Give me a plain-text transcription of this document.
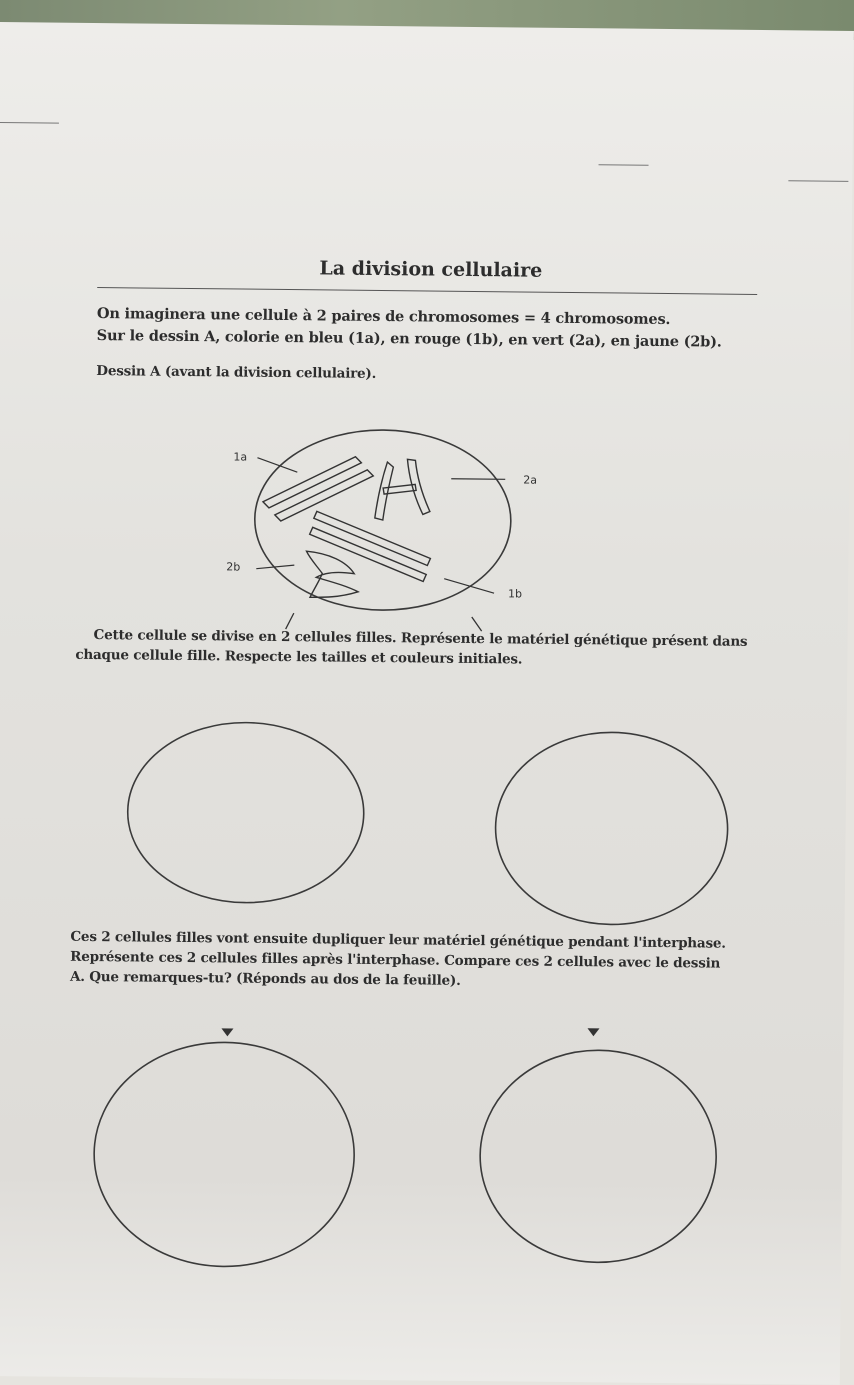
La division cellulaire
On imaginera une cellule à 2 paires de chromosomes = 4 chromosomes.
Sur le dessin A, colorie en bleu (1a), en rouge (1b), en vert (2a), en jaune (2b).
Dessin A (avant la division cellulaire).
1a
2a
2b
1b
Cette cellule se divise en 2 cellules filles. Représente le matériel génétique présent dans
chaque cellule fille. Respecte les tailles et couleurs initiales.
Ces 2 cellules filles vont ensuite dupliquer leur matériel génétique pendant l'interphase.
Représente ces 2 cellules filles après l'interphase. Compare ces 2 cellules avec le dessin
A. Que remarques-tu? (Réponds au dos de la feuille).
